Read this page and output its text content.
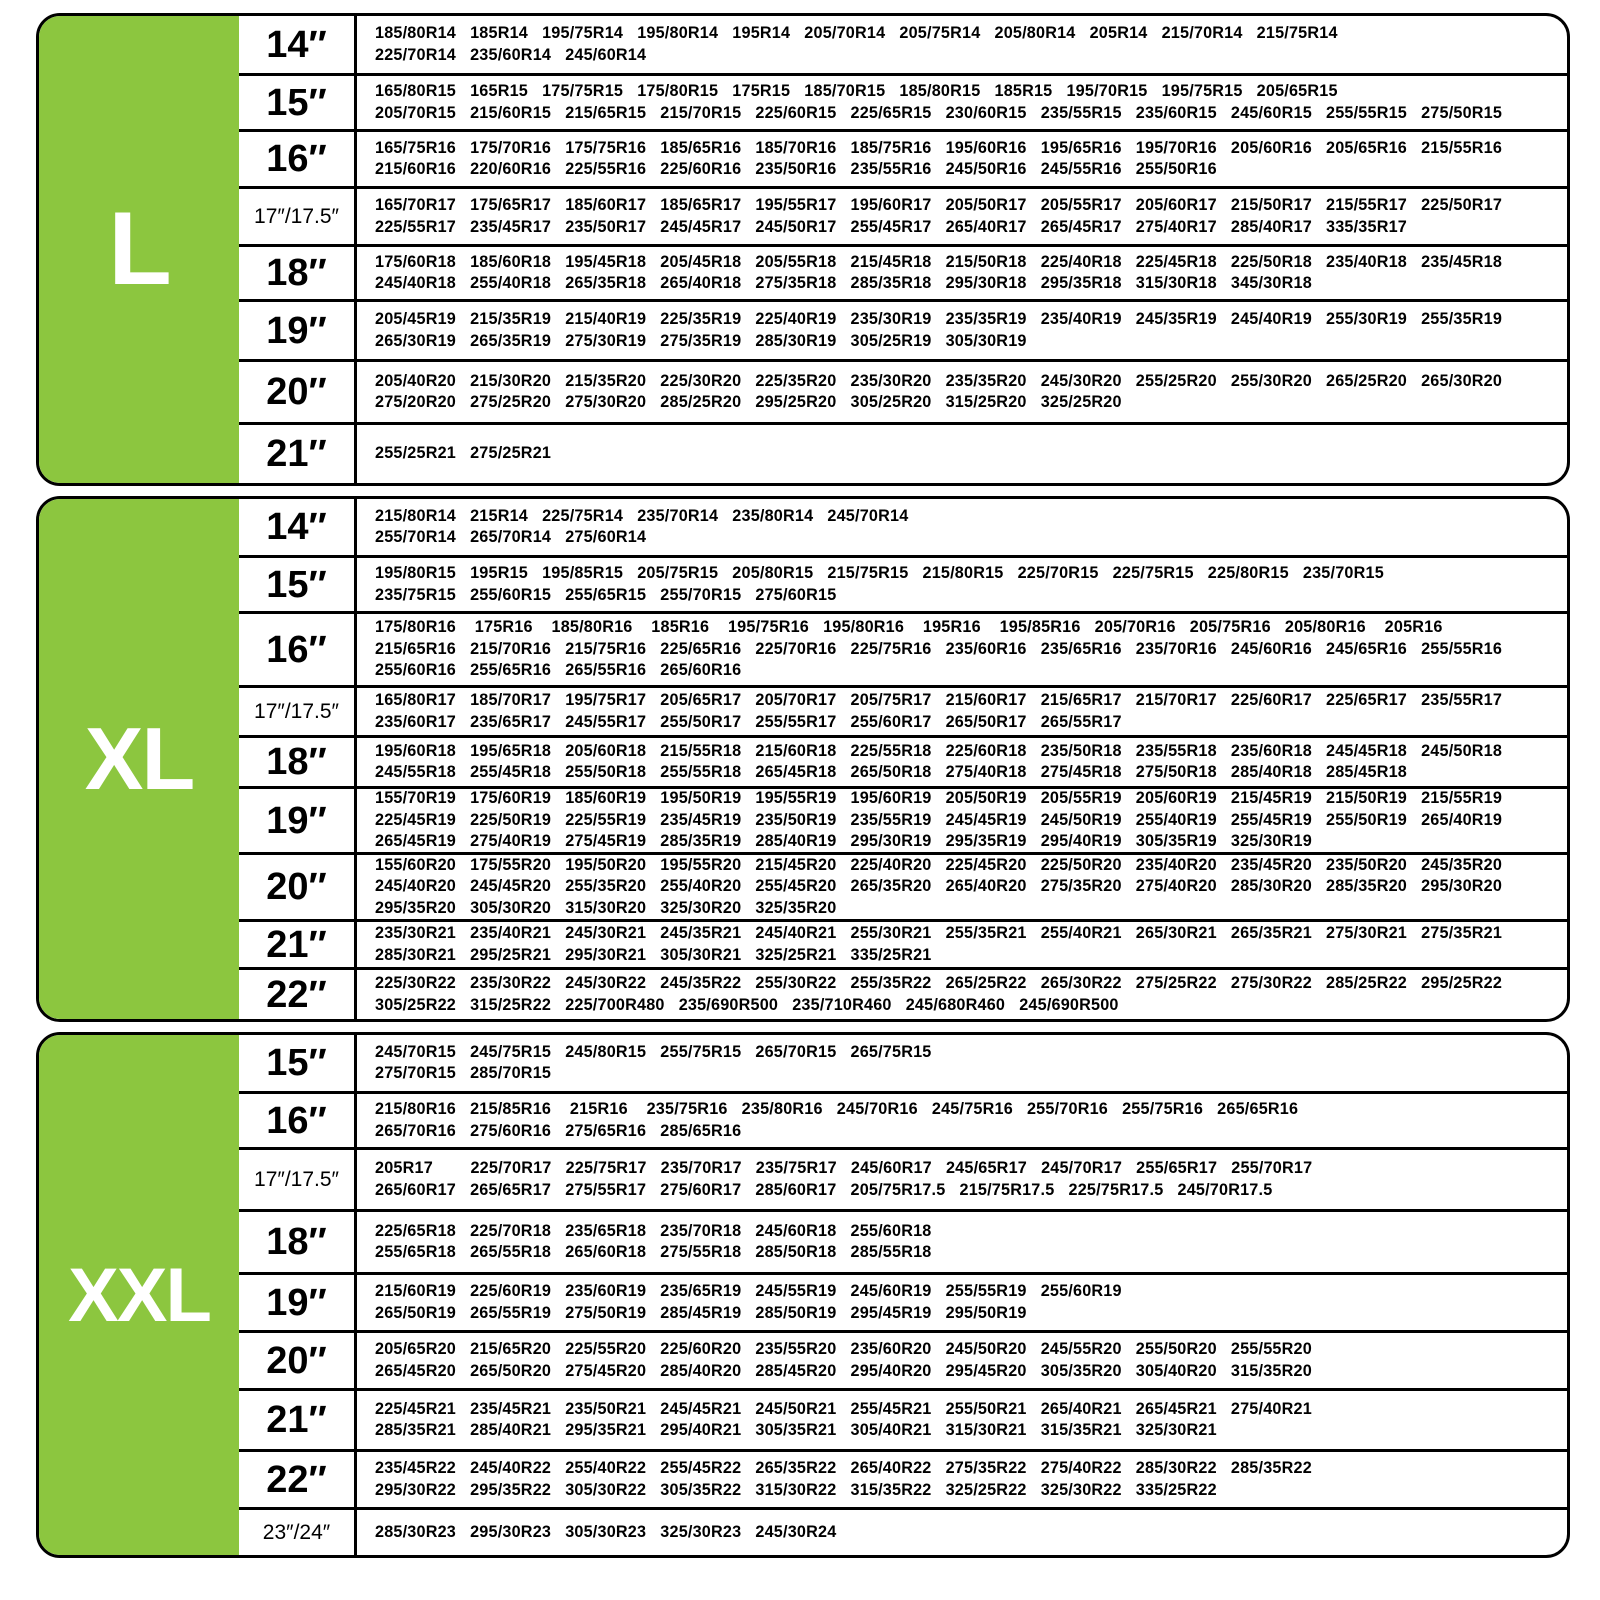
L
14″	185/80R14   185R14   195/75R14   195/80R14   195R14   205/70R14   205/75R14   205/80R14   205R14   215/70R14   215/75R14
225/70R14   235/60R14   245/60R14
15″	165/80R15   165R15   175/75R15   175/80R15   175R15   185/70R15   185/80R15   185R15   195/70R15   195/75R15   205/65R15
205/70R15   215/60R15   215/65R15   215/70R15   225/60R15   225/65R15   230/60R15   235/55R15   235/60R15   245/60R15   255/55R15   275/50R15
16″	165/75R16   175/70R16   175/75R16   185/65R16   185/70R16   185/75R16   195/60R16   195/65R16   195/70R16   205/60R16   205/65R16   215/55R16
215/60R16   220/60R16   225/55R16   225/60R16   235/50R16   235/55R16   245/50R16   245/55R16   255/50R16
17″/17.5″	165/70R17   175/65R17   185/60R17   185/65R17   195/55R17   195/60R17   205/50R17   205/55R17   205/60R17   215/50R17   215/55R17   225/50R17
225/55R17   235/45R17   235/50R17   245/45R17   245/50R17   255/45R17   265/40R17   265/45R17   275/40R17   285/40R17   335/35R17
18″	175/60R18   185/60R18   195/45R18   205/45R18   205/55R18   215/45R18   215/50R18   225/40R18   225/45R18   225/50R18   235/40R18   235/45R18
245/40R18   255/40R18   265/35R18   265/40R18   275/35R18   285/35R18   295/30R18   295/35R18   315/30R18   345/30R18
19″	205/45R19   215/35R19   215/40R19   225/35R19   225/40R19   235/30R19   235/35R19   235/40R19   245/35R19   245/40R19   255/30R19   255/35R19
265/30R19   265/35R19   275/30R19   275/35R19   285/30R19   305/25R19   305/30R19
20″	205/40R20   215/30R20   215/35R20   225/30R20   225/35R20   235/30R20   235/35R20   245/30R20   255/25R20   255/30R20   265/25R20   265/30R20
275/20R20   275/25R20   275/30R20   285/25R20   295/25R20   305/25R20   315/25R20   325/25R20
21″	255/25R21   275/25R21
XL
14″	215/80R14   215R14   225/75R14   235/70R14   235/80R14   245/70R14
255/70R14   265/70R14   275/60R14
15″	195/80R15   195R15   195/85R15   205/75R15   205/80R15   215/75R15   215/80R15   225/70R15   225/75R15   225/80R15   235/70R15
235/75R15   255/60R15   255/65R15   255/70R15   275/60R15
16″
175/80R16    175R16    185/80R16    185R16    195/75R16   195/80R16    195R16    195/85R16   205/70R16   205/75R16   205/80R16    205R16
215/65R16   215/70R16   215/75R16   225/65R16   225/70R16   225/75R16   235/60R16   235/65R16   235/70R16   245/60R16   245/65R16   255/55R16
255/60R16   255/65R16   265/55R16   265/60R16
17″/17.5″	165/80R17   185/70R17   195/75R17   205/65R17   205/70R17   205/75R17   215/60R17   215/65R17   215/70R17   225/60R17   225/65R17   235/55R17
235/60R17   235/65R17   245/55R17   255/50R17   255/55R17   255/60R17   265/50R17   265/55R17
18″	195/60R18   195/65R18   205/60R18   215/55R18   215/60R18   225/55R18   225/60R18   235/50R18   235/55R18   235/60R18   245/45R18   245/50R18
245/55R18   255/45R18   255/50R18   255/55R18   265/45R18   265/50R18   275/40R18   275/45R18   275/50R18   285/40R18   285/45R18
19″
155/70R19   175/60R19   185/60R19   195/50R19   195/55R19   195/60R19   205/50R19   205/55R19   205/60R19   215/45R19   215/50R19   215/55R19
225/45R19   225/50R19   225/55R19   235/45R19   235/50R19   235/55R19   245/45R19   245/50R19   255/40R19   255/45R19   255/50R19   265/40R19
265/45R19   275/40R19   275/45R19   285/35R19   285/40R19   295/30R19   295/35R19   295/40R19   305/35R19   325/30R19
20″
155/60R20   175/55R20   195/50R20   195/55R20   215/45R20   225/40R20   225/45R20   225/50R20   235/40R20   235/45R20   235/50R20   245/35R20
245/40R20   245/45R20   255/35R20   255/40R20   255/45R20   265/35R20   265/40R20   275/35R20   275/40R20   285/30R20   285/35R20   295/30R20
295/35R20   305/30R20   315/30R20   325/30R20   325/35R20
21″	235/30R21   235/40R21   245/30R21   245/35R21   245/40R21   255/30R21   255/35R21   255/40R21   265/30R21   265/35R21   275/30R21   275/35R21
285/30R21   295/25R21   295/30R21   305/30R21   325/25R21   335/25R21
22″	225/30R22   235/30R22   245/30R22   245/35R22   255/30R22   255/35R22   265/25R22   265/30R22   275/25R22   275/30R22   285/25R22   295/25R22
305/25R22   315/25R22   225/700R480   235/690R500   235/710R460   245/680R460   245/690R500
XXL
15″	245/70R15   245/75R15   245/80R15   255/75R15   265/70R15   265/75R15
275/70R15   285/70R15
16″	215/80R16   215/85R16    215R16    235/75R16   235/80R16   245/70R16   245/75R16   255/70R16   255/75R16   265/65R16
265/70R16   275/60R16   275/65R16   285/65R16
17″/17.5″	205R17        225/70R17   225/75R17   235/70R17   235/75R17   245/60R17   245/65R17   245/70R17   255/65R17   255/70R17
265/60R17   265/65R17   275/55R17   275/60R17   285/60R17   205/75R17.5   215/75R17.5   225/75R17.5   245/70R17.5
18″	225/65R18   225/70R18   235/65R18   235/70R18   245/60R18   255/60R18
255/65R18   265/55R18   265/60R18   275/55R18   285/50R18   285/55R18
19″	215/60R19   225/60R19   235/60R19   235/65R19   245/55R19   245/60R19   255/55R19   255/60R19
265/50R19   265/55R19   275/50R19   285/45R19   285/50R19   295/45R19   295/50R19
20″	205/65R20   215/65R20   225/55R20   225/60R20   235/55R20   235/60R20   245/50R20   245/55R20   255/50R20   255/55R20
265/45R20   265/50R20   275/45R20   285/40R20   285/45R20   295/40R20   295/45R20   305/35R20   305/40R20   315/35R20
21″	225/45R21   235/45R21   235/50R21   245/45R21   245/50R21   255/45R21   255/50R21   265/40R21   265/45R21   275/40R21
285/35R21   285/40R21   295/35R21   295/40R21   305/35R21   305/40R21   315/30R21   315/35R21   325/30R21
22″	235/45R22   245/40R22   255/40R22   255/45R22   265/35R22   265/40R22   275/35R22   275/40R22   285/30R22   285/35R22
295/30R22   295/35R22   305/30R22   305/35R22   315/30R22   315/35R22   325/25R22   325/30R22   335/25R22
23″/24″	285/30R23   295/30R23   305/30R23   325/30R23   245/30R24
